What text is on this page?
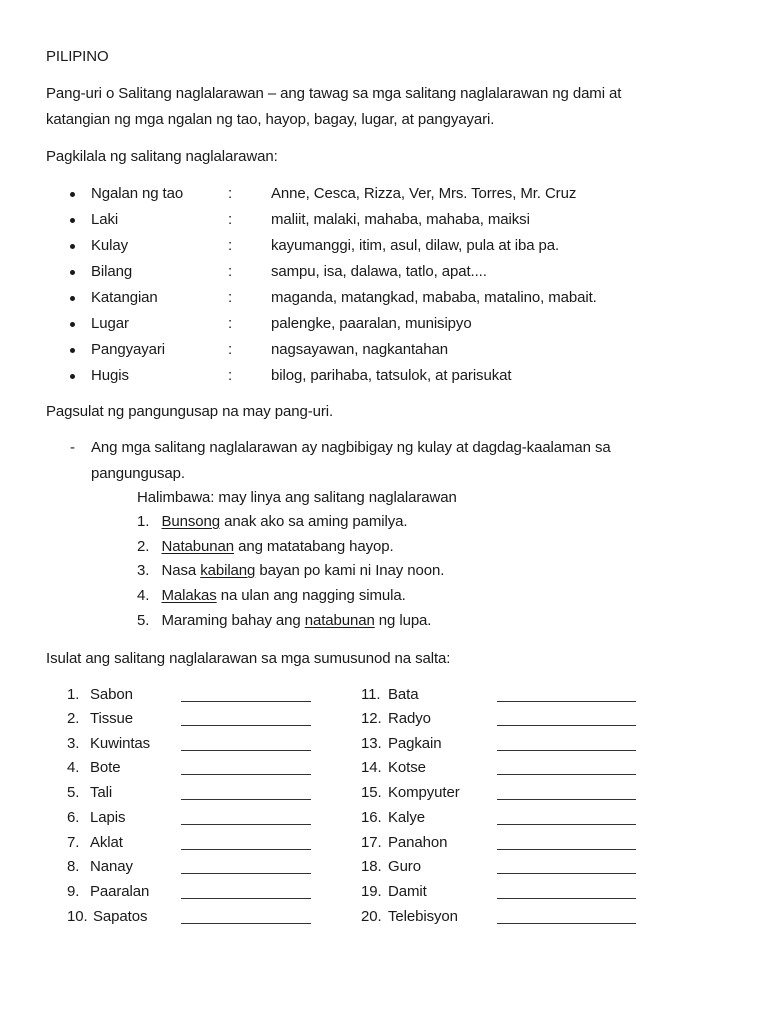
PILIPINO
Pang-uri o Salitang naglalarawan – ang tawag sa mga salitang naglalarawan ng dami at
katangian ng mga ngalan ng tao, hayop, bagay, lugar, at pangyayari.
Pagkilala ng salitang naglalarawan:
Ngalan ng tao	:	Anne, Cesca, Rizza, Ver, Mrs. Torres, Mr. Cruz
Laki	:	maliit, malaki, mahaba, mahaba, maiksi
Kulay	:	kayumanggi, itim, asul, dilaw, pula at iba pa.
Bilang	:	sampu, isa, dalawa, tatlo, apat....
Katangian	:	maganda, matangkad, mababa, matalino, mabait.
Lugar	:	palengke, paaralan, munisipyo
Pangyayari	:	nagsayawan, nagkantahan
Hugis	:	bilog, parihaba, tatsulok, at parisukat
Pagsulat ng pangungusap na may pang-uri.
- Ang mga salitang naglalarawan ay nagbibigay ng kulay at dagdag-kaalaman sa
pangungusap.
Halimbawa: may linya ang salitang naglalarawan
1. Bunsong anak ako sa aming pamilya.
2. Natabunan ang matatabang hayop.
3. Nasa kabilang bayan po kami ni Inay noon.
4. Malakas na ulan ang nagging simula.
5. Maraming bahay ang natabunan ng lupa.
Isulat ang salitang naglalarawan sa mga sumusunod na salta:
1. Sabon
2. Tissue
3. Kuwintas
4. Bote
5. Tali
6. Lapis
7. Aklat
8. Nanay
9. Paaralan
10. Sapatos
11. Bata
12. Radyo
13. Pagkain
14. Kotse
15. Kompyuter
16. Kalye
17. Panahon
18. Guro
19. Damit
20. Telebisyon
